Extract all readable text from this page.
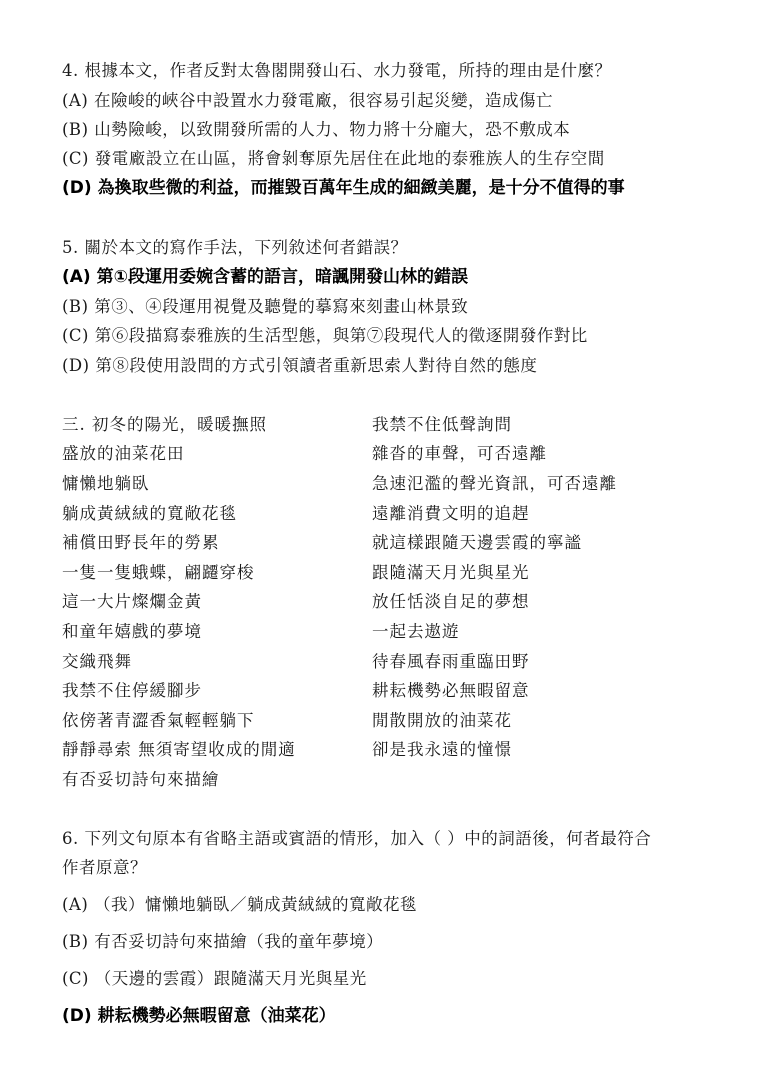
4. 根據本文，作者反對太魯閣開發山石、水力發電，所持的理由是什麼？
(A) 在險峻的峽谷中設置水力發電廠，很容易引起災變，造成傷亡
(B) 山勢險峻，以致開發所需的人力、物力將十分龐大，恐不敷成本
(C) 發電廠設立在山區，將會剝奪原先居住在此地的泰雅族人的生存空間
(D) 為換取些微的利益，而摧毀百萬年生成的細緻美麗，是十分不值得的事
5. 關於本文的寫作手法，下列敘述何者錯誤？
(A) 第①段運用委婉含蓄的語言，暗諷開發山林的錯誤
(B) 第③、④段運用視覺及聽覺的摹寫來刻畫山林景致
(C) 第⑥段描寫泰雅族的生活型態，與第⑦段現代人的徵逐開發作對比
(D) 第⑧段使用設問的方式引領讀者重新思索人對待自然的態度
三. 初冬的陽光，暖暖撫照
盛放的油菜花田
慵懶地躺臥
躺成黃絨絨的寬敞花毯
補償田野長年的勞累
一隻一隻蛾蝶，翩躚穿梭
這一大片燦爛金黃
和童年嬉戲的夢境
交織飛舞
我禁不住停緩腳步
依傍著青澀香氣輕輕躺下
靜靜尋索 無須寄望收成的閒適
有否妥切詩句來描繪
我禁不住低聲詢問
雜沓的車聲，可否遠離
急速氾濫的聲光資訊，可否遠離
遠離消費文明的追趕
就這樣跟隨天邊雲霞的寧謐
跟隨滿天月光與星光
放任恬淡自足的夢想
一起去遨遊
待春風春雨重臨田野
耕耘機勢必無暇留意
閒散開放的油菜花
卻是我永遠的憧憬
6. 下列文句原本有省略主語或賓語的情形，加入（ ）中的詞語後，何者最符合
作者原意？
(A) （我）慵懶地躺臥／躺成黃絨絨的寬敞花毯
(B) 有否妥切詩句來描繪（我的童年夢境）
(C) （天邊的雲霞）跟隨滿天月光與星光
(D) 耕耘機勢必無暇留意（油菜花）
